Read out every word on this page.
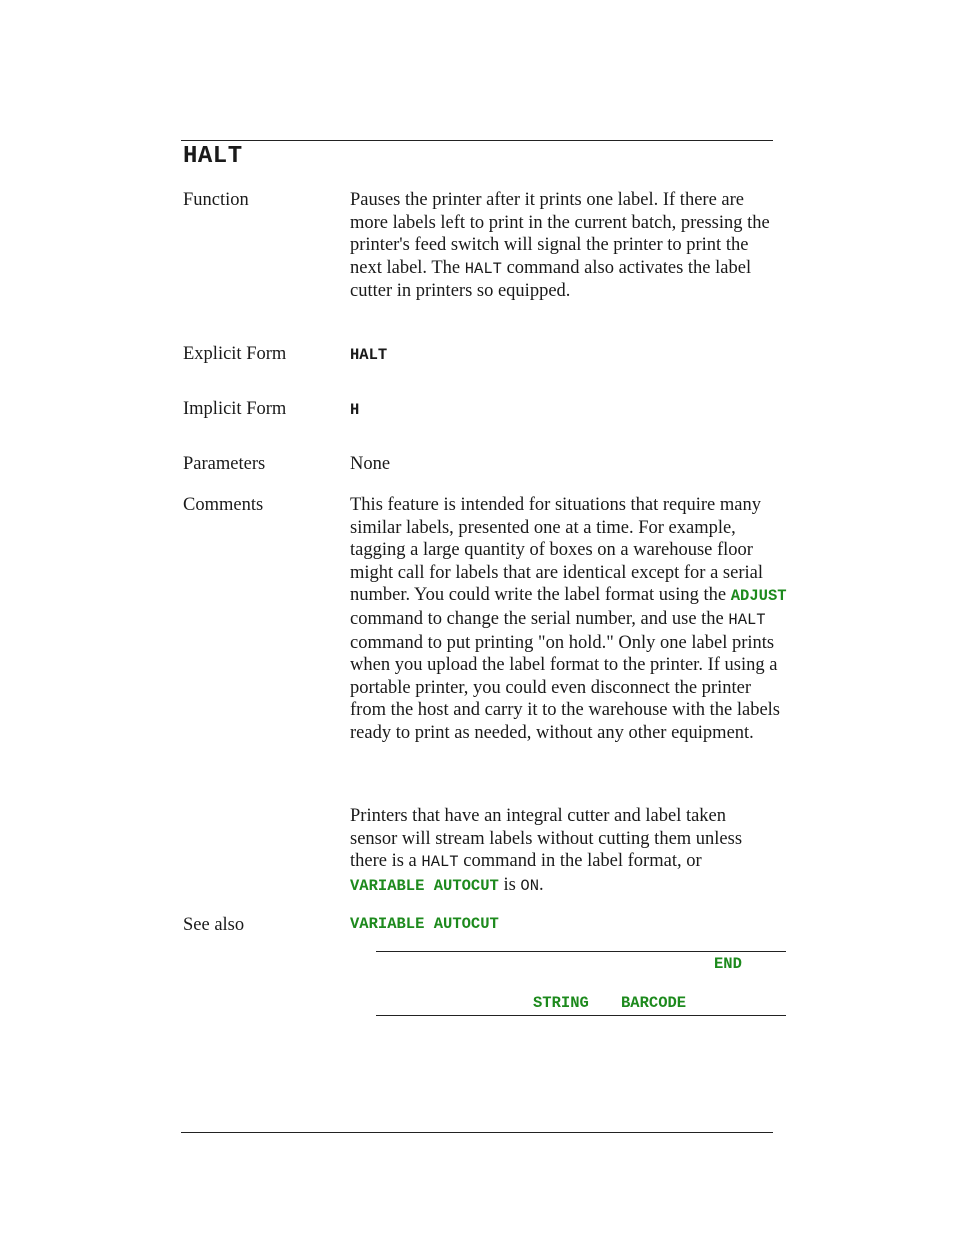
HALT
Function	Pauses the printer after it prints one label. If there are more labels left to print in the current batch, pressing the printer's feed switch will signal the printer to print the next label. The HALT command also activates the label cutter in printers so equipped.
Explicit Form	HALT
Implicit Form	H
Parameters	None
Comments	This feature is intended for situations that require many similar labels, presented one at a time. For example, tagging a large quantity of boxes on a warehouse floor might call for labels that are identical except for a serial number. You could write the label format using the ADJUST command to change the serial number, and use the HALT command to put printing "on hold." Only one label prints when you upload the label format to the printer. If using a portable printer, you could even disconnect the printer from the host and carry it to the warehouse with the labels ready to print as needed, without any other equipment.
Printers that have an integral cutter and label taken sensor will stream labels without cutting them unless there is a HALT command in the label format, or VARIABLE AUTOCUT is ON.
See also	VARIABLE AUTOCUT
END
STRING BARCODE
